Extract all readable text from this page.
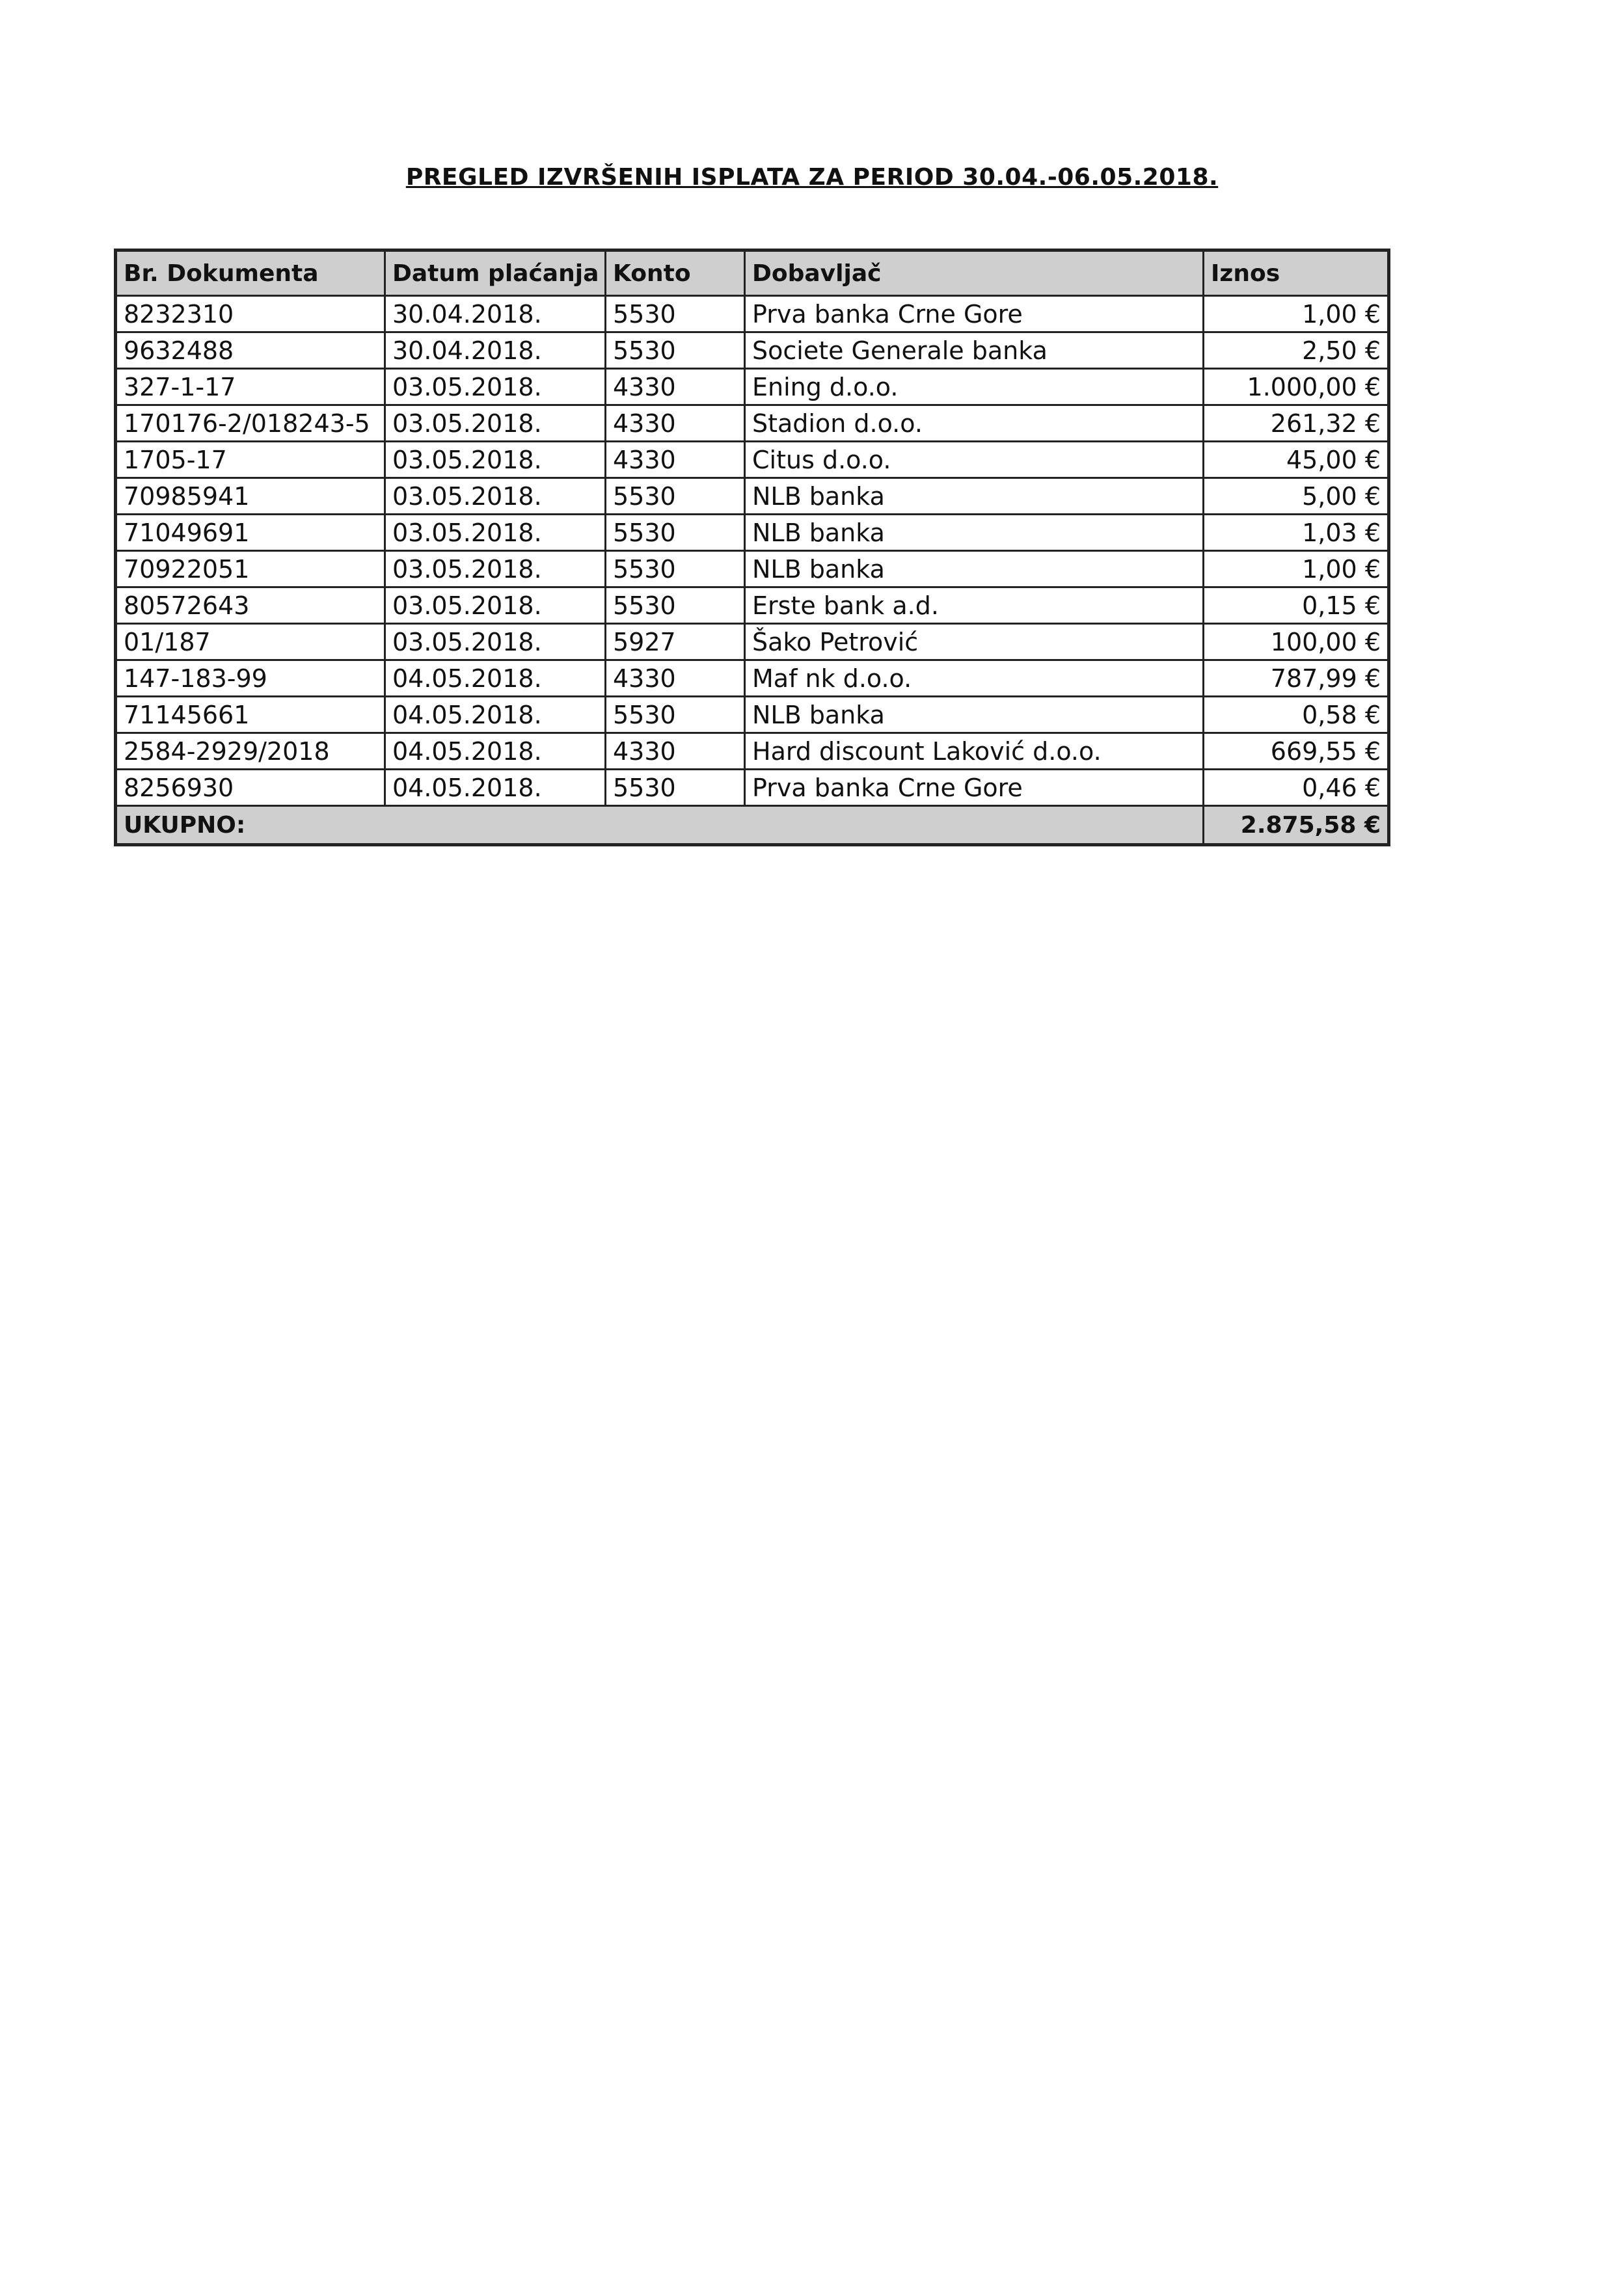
PREGLED IZVRŠENIH ISPLATA ZA PERIOD 30.04.-06.05.2018.
Br. Dokumenta	Datum plaćanja	Konto	Dobavljač	Iznos
8232310	30.04.2018.	5530	Prva banka Crne Gore	1,00 €
9632488	30.04.2018.	5530	Societe Generale banka	2,50 €
327-1-17	03.05.2018.	4330	Ening d.o.o.	1.000,00 €
170176-2/018243-5	03.05.2018.	4330	Stadion d.o.o.	261,32 €
1705-17	03.05.2018.	4330	Citus d.o.o.	45,00 €
70985941	03.05.2018.	5530	NLB banka	5,00 €
71049691	03.05.2018.	5530	NLB banka	1,03 €
70922051	03.05.2018.	5530	NLB banka	1,00 €
80572643	03.05.2018.	5530	Erste bank a.d.	0,15 €
01/187	03.05.2018.	5927	Šako Petrović	100,00 €
147-183-99	04.05.2018.	4330	Maf nk d.o.o.	787,99 €
71145661	04.05.2018.	5530	NLB banka	0,58 €
2584-2929/2018	04.05.2018.	4330	Hard discount Laković d.o.o.	669,55 €
8256930	04.05.2018.	5530	Prva banka Crne Gore	0,46 €
UKUPNO:				2.875,58 €
